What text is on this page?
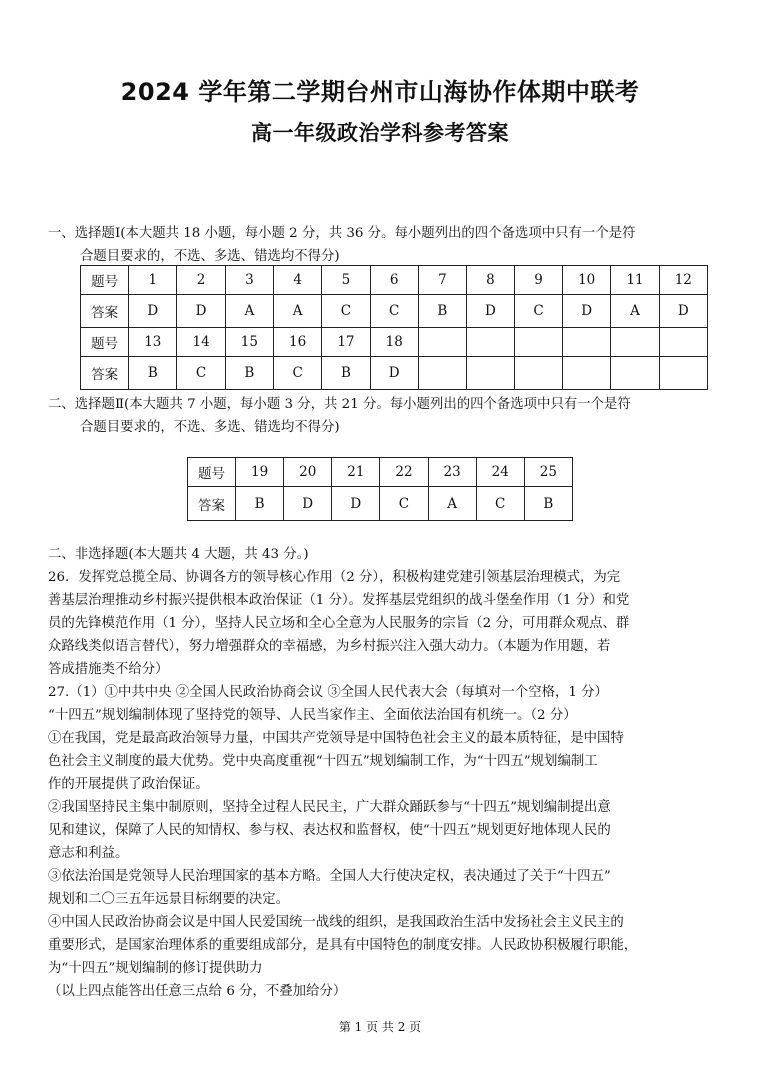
2024 学年第二学期台州市山海协作体期中联考
高一年级政治学科参考答案
一、选择题Ⅰ(本大题共 18 小题，每小题 2 分，共 36 分。每小题列出的四个备选项中只有一个是符
合题目要求的，不选、多选、错选均不得分)
题号	1	2	3	4	5	6	7	8	9	10	11	12
答案	D	D	A	A	C	C	B	D	C	D	A	D
题号	13	14	15	16	17	18						
答案	B	C	B	C	B	D						
二、选择题Ⅱ(本大题共 7 小题，每小题 3 分，共 21 分。每小题列出的四个备选项中只有一个是符
合题目要求的，不选、多选、错选均不得分)
题号	19	20	21	22	23	24	25
答案	B	D	D	C	A	C	B
二、非选择题(本大题共 4 大题，共 43 分。)
26．发挥党总揽全局、协调各方的领导核心作用（2 分），积极构建党建引领基层治理模式，为完
善基层治理推动乡村振兴提供根本政治保证（1 分）。发挥基层党组织的战斗堡垒作用（1 分）和党
员的先锋模范作用（1 分），坚持人民立场和全心全意为人民服务的宗旨（2 分，可用群众观点、群
众路线类似语言替代），努力增强群众的幸福感，为乡村振兴注入强大动力。（本题为作用题，若
答成措施类不给分）
27.（1）①中共中央 ②全国人民政治协商会议 ③全国人民代表大会（每填对一个空格，1 分）
“十四五”规划编制体现了坚持党的领导、人民当家作主、全面依法治国有机统一。（2 分）
①在我国，党是最高政治领导力量，中国共产党领导是中国特色社会主义的最本质特征，是中国特
色社会主义制度的最大优势。党中央高度重视“十四五”规划编制工作，为“十四五”规划编制工
作的开展提供了政治保证。
②我国坚持民主集中制原则，坚持全过程人民民主，广大群众踊跃参与“十四五”规划编制提出意
见和建议，保障了人民的知情权、参与权、表达权和监督权，使“十四五”规划更好地体现人民的
意志和利益。
③依法治国是党领导人民治理国家的基本方略。全国人大行使决定权，表决通过了关于“十四五”
规划和二〇三五年远景目标纲要的决定。
④中国人民政治协商会议是中国人民爱国统一战线的组织，是我国政治生活中发扬社会主义民主的
重要形式，是国家治理体系的重要组成部分，是具有中国特色的制度安排。人民政协积极履行职能，
为“十四五”规划编制的修订提供助力
（以上四点能答出任意三点给 6 分，不叠加给分）
第 1 页 共 2 页
